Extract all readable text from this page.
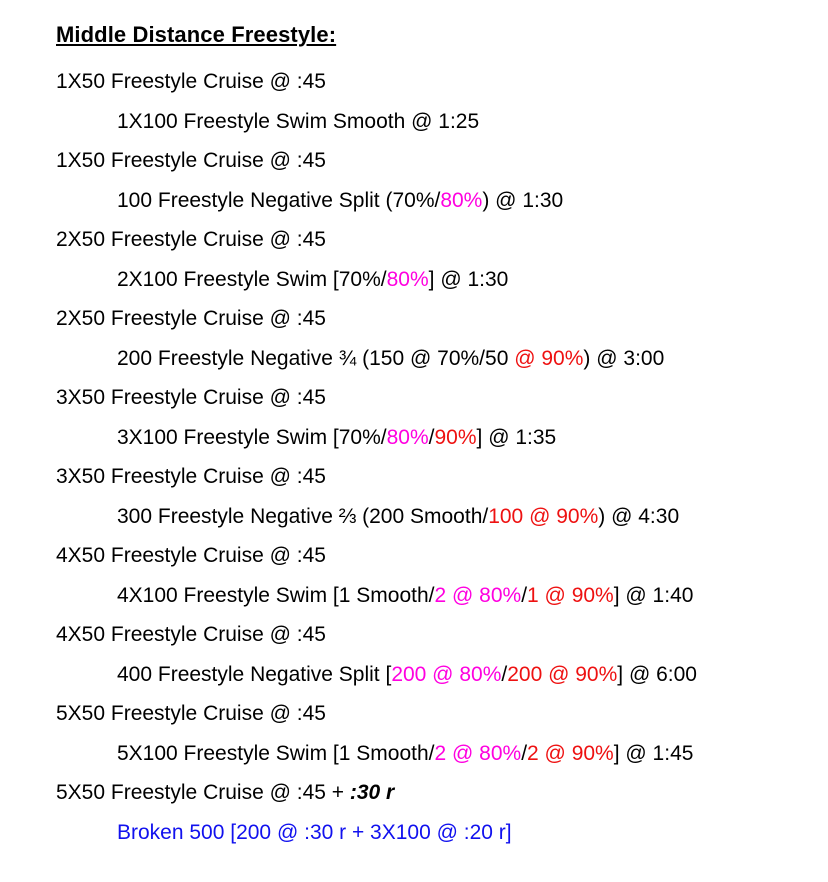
Middle Distance Freestyle:
1X50 Freestyle Cruise @ :45
1X100 Freestyle Swim Smooth @ 1:25
1X50 Freestyle Cruise @ :45
100 Freestyle Negative Split (70%/80%) @ 1:30
2X50 Freestyle Cruise @ :45
2X100 Freestyle Swim [70%/80%] @ 1:30
2X50 Freestyle Cruise @ :45
200 Freestyle Negative ¾ (150 @ 70%/50 @ 90%) @ 3:00
3X50 Freestyle Cruise @ :45
3X100 Freestyle Swim [70%/80%/90%] @ 1:35
3X50 Freestyle Cruise @ :45
300 Freestyle Negative ⅔ (200 Smooth/100 @ 90%) @ 4:30
4X50 Freestyle Cruise @ :45
4X100 Freestyle Swim [1 Smooth/2 @ 80%/1 @ 90%] @ 1:40
4X50 Freestyle Cruise @ :45
400 Freestyle Negative Split [200 @ 80%/200 @ 90%] @ 6:00
5X50 Freestyle Cruise @ :45
5X100 Freestyle Swim [1 Smooth/2 @ 80%/2 @ 90%] @ 1:45
5X50 Freestyle Cruise @ :45 + :30 r
Broken 500 [200 @ :30 r + 3X100 @ :20 r]
